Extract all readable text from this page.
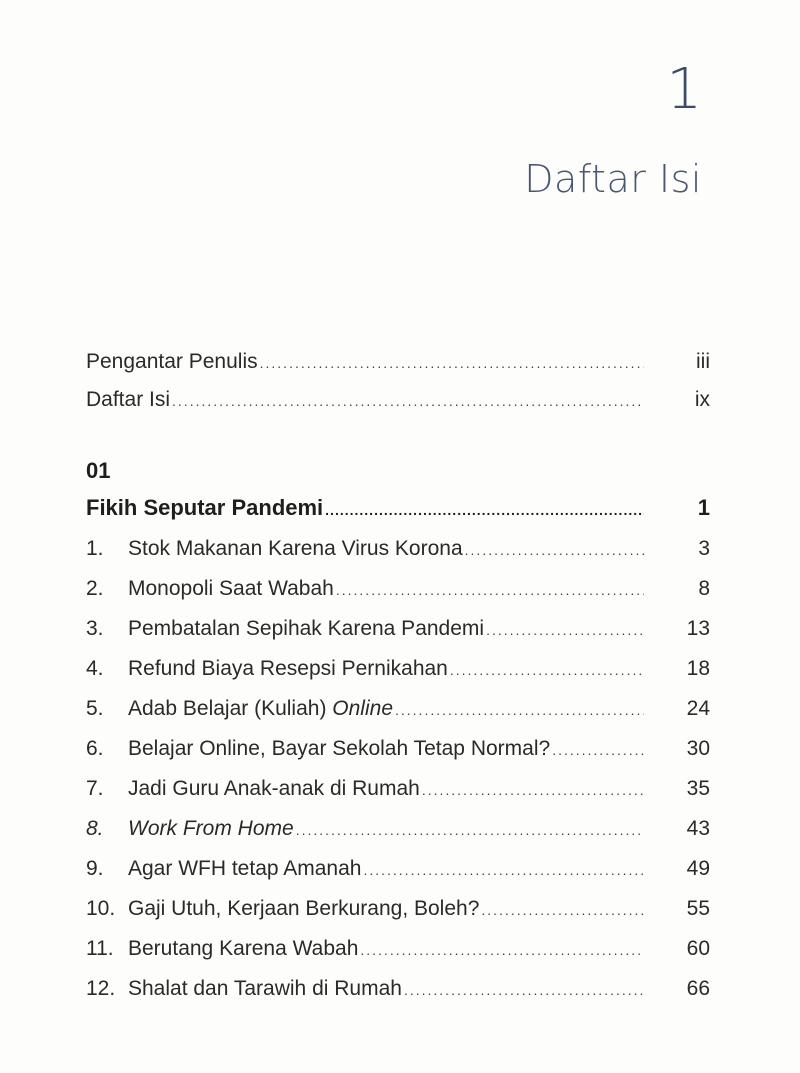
1
Daftar Isi
Pengantar Penulis .....	iii
Daftar Isi .....	ix
01
Fikih Seputar Pandemi .....	1
1.	Stok Makanan Karena Virus Korona .....	3
2.	Monopoli Saat Wabah .....	8
3.	Pembatalan Sepihak Karena Pandemi .....	13
4.	Refund Biaya Resepsi Pernikahan .....	18
5.	Adab Belajar (Kuliah) Online .....	24
6.	Belajar Online, Bayar Sekolah Tetap Normal? .....	30
7.	Jadi Guru Anak-anak di Rumah .....	35
8.	Work From Home .....	43
9.	Agar WFH tetap Amanah .....	49
10. Gaji Utuh, Kerjaan Berkurang, Boleh? .....	55
11. Berutang Karena Wabah .....	60
12. Shalat dan Tarawih di Rumah .....	66
